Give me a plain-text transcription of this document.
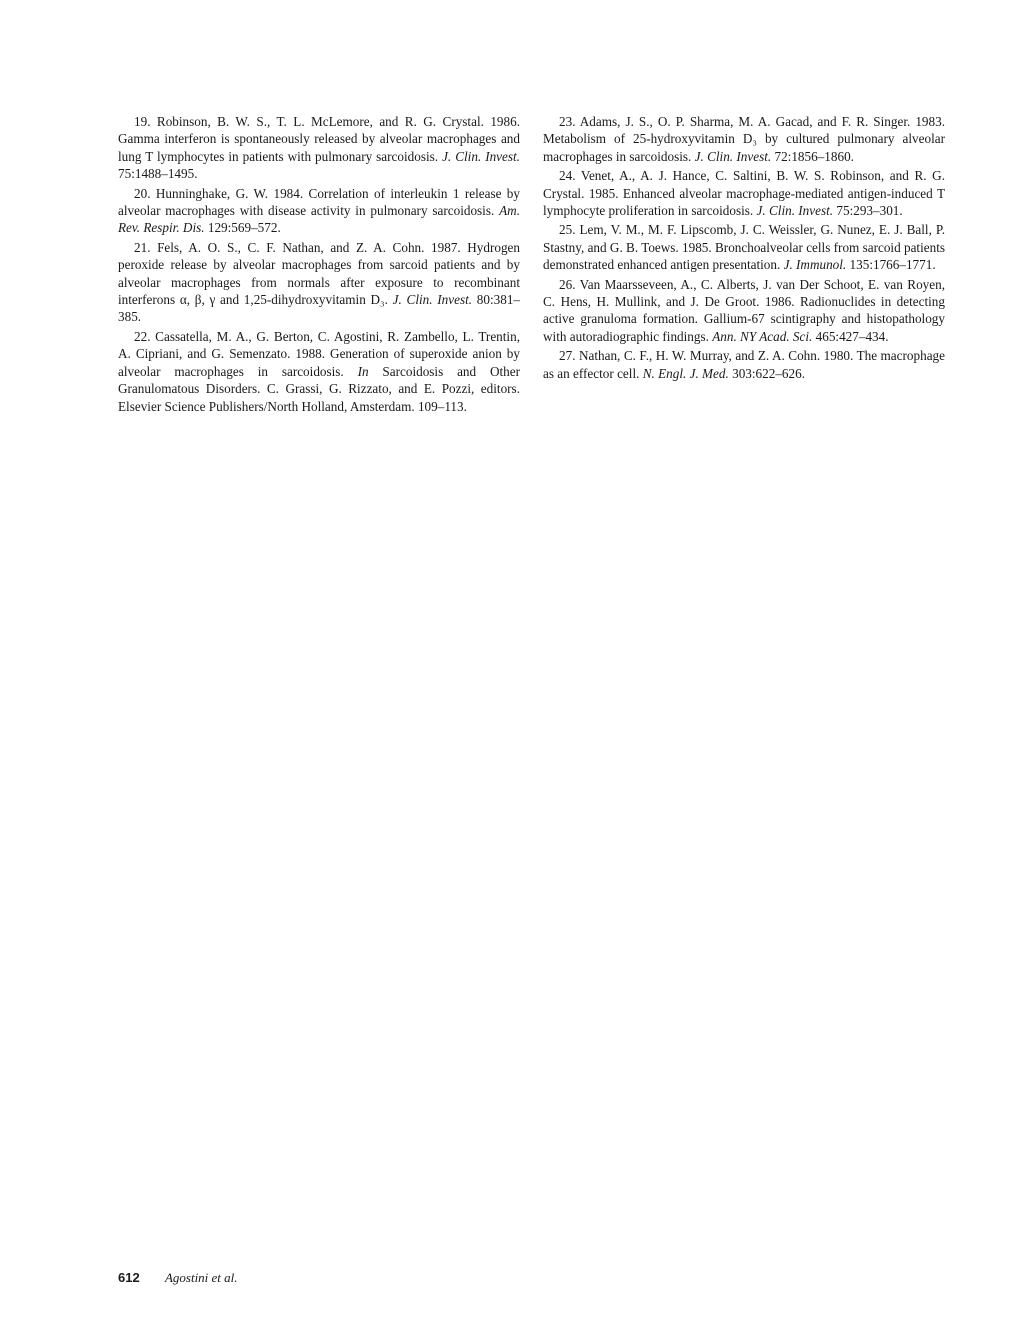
19. Robinson, B. W. S., T. L. McLemore, and R. G. Crystal. 1986. Gamma interferon is spontaneously released by alveolar macrophages and lung T lymphocytes in patients with pulmonary sarcoidosis. J. Clin. Invest. 75:1488–1495.

20. Hunninghake, G. W. 1984. Correlation of interleukin 1 release by alveolar macrophages with disease activity in pulmonary sarcoidosis. Am. Rev. Respir. Dis. 129:569–572.

21. Fels, A. O. S., C. F. Nathan, and Z. A. Cohn. 1987. Hydrogen peroxide release by alveolar macrophages from sarcoid patients and by alveolar macrophages from normals after exposure to recombinant interferons α, β, γ and 1,25-dihydroxyvitamin D₃. J. Clin. Invest. 80:381–385.

22. Cassatella, M. A., G. Berton, C. Agostini, R. Zambello, L. Trentin, A. Cipriani, and G. Semenzato. 1988. Generation of superoxide anion by alveolar macrophages in sarcoidosis. In Sarcoidosis and Other Granulomatous Disorders. C. Grassi, G. Rizzato, and E. Pozzi, editors. Elsevier Science Publishers/North Holland, Amsterdam. 109–113.

23. Adams, J. S., O. P. Sharma, M. A. Gacad, and F. R. Singer. 1983. Metabolism of 25-hydroxyvitamin D₃ by cultured pulmonary alveolar macrophages in sarcoidosis. J. Clin. Invest. 72:1856–1860.

24. Venet, A., A. J. Hance, C. Saltini, B. W. S. Robinson, and R. G. Crystal. 1985. Enhanced alveolar macrophage-mediated antigen-induced T lymphocyte proliferation in sarcoidosis. J. Clin. Invest. 75:293–301.

25. Lem, V. M., M. F. Lipscomb, J. C. Weissler, G. Nunez, E. J. Ball, P. Stastny, and G. B. Toews. 1985. Bronchoalveolar cells from sarcoid patients demonstrated enhanced antigen presentation. J. Immunol. 135:1766–1771.

26. Van Maarsseveen, A., C. Alberts, J. van Der Schoot, E. van Royen, C. Hens, H. Mullink, and J. De Groot. 1986. Radionuclides in detecting active granuloma formation. Gallium-67 scintigraphy and histopathology with autoradiographic findings. Ann. NY Acad. Sci. 465:427–434.

27. Nathan, C. F., H. W. Murray, and Z. A. Cohn. 1980. The macrophage as an effector cell. N. Engl. J. Med. 303:622–626.

612 Agostini et al.
